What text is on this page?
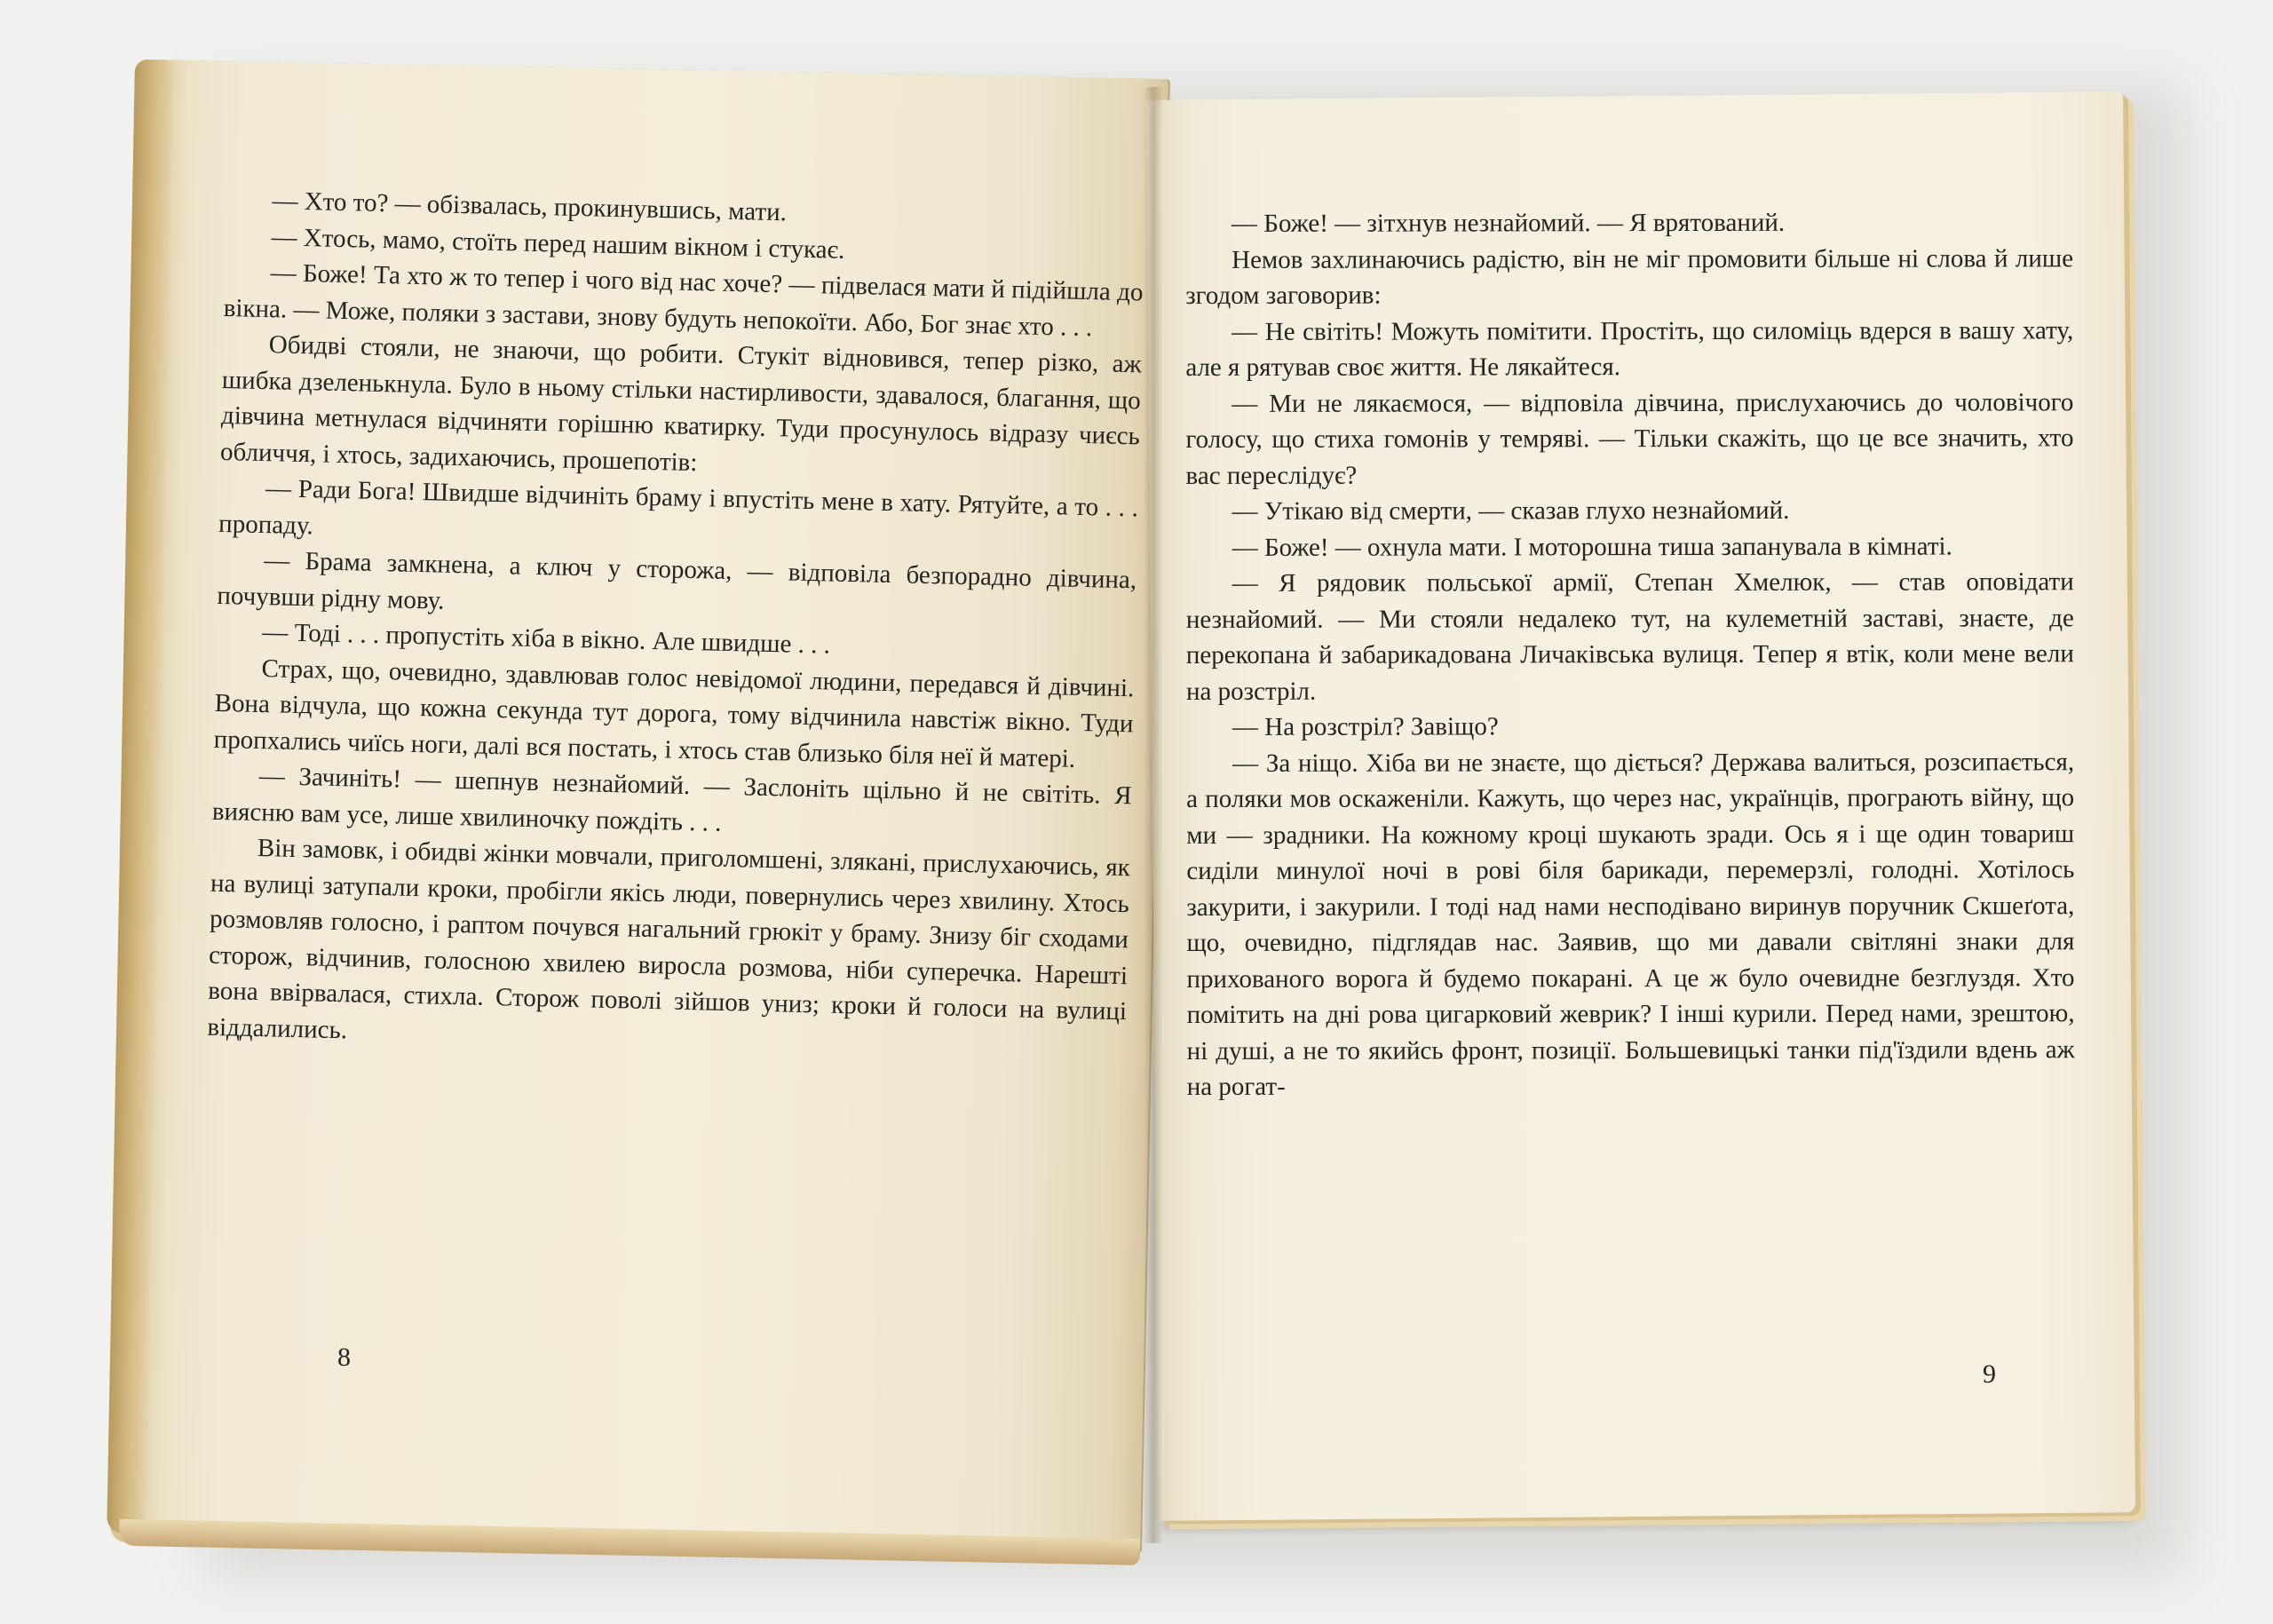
— Хто то? — обізвалась, прокинувшись, мати.

— Хтось, мамо, стоїть перед нашим вікном і стукає.

— Боже! Та хто ж то тепер і чого від нас хоче? — підвелася мати й підійшла до вікна. — Може, поляки з застави, знову будуть непокоїти. Або, Бог знає хто . . .

Обидві стояли, не знаючи, що робити. Стукіт відновився, тепер різко, аж шибка дзеленькнула. Було в ньому стільки настирливости, здавалося, благання, що дівчина метнулася відчиняти горішню кватирку. Туди просунулось відразу чиєсь обличчя, і хтось, задихаючись, прошепотів:

— Ради Бога! Швидше відчиніть браму і впустіть мене в хату. Рятуйте, а то . . . пропаду.

— Брама замкнена, а ключ у сторожа, — відповіла безпорадно дівчина, почувши рідну мову.

— Тоді . . . пропустіть хіба в вікно. Але швидше . . .

Страх, що, очевидно, здавлював голос невідомої людини, передався й дівчині. Вона відчула, що кожна секунда тут дорога, тому відчинила навстіж вікно. Туди пропхались чиїсь ноги, далі вся постать, і хтось став близько біля неї й матері.

— Зачиніть! — шепнув незнайомий. — Заслоніть щільно й не світіть. Я виясню вам усе, лише хвилиночку пождіть . . .

Він замовк, і обидві жінки мовчали, приголомшені, злякані, прислухаючись, як на вулиці затупали кроки, пробігли якісь люди, повернулись через хвилину. Хтось розмовляв голосно, і раптом почувся нагальний грюкіт у браму. Знизу біг сходами сторож, відчинив, голосною хвилею виросла розмова, ніби суперечка. Нарешті вона ввірвалася, стихла. Сторож поволі зійшов униз; кроки й голоси на вулиці віддалились.

8

— Боже! — зітхнув незнайомий. — Я врятований.

Немов захлинаючись радістю, він не міг промовити більше ні слова й лише згодом заговорив:

— Не світіть! Можуть помітити. Простіть, що силоміць вдерся в вашу хату, але я рятував своє життя. Не лякайтеся.

— Ми не лякаємося, — відповіла дівчина, прислухаючись до чоловічого голосу, що стиха гомонів у темряві. — Тільки скажіть, що це все значить, хто вас переслідує?

— Утікаю від смерти, — сказав глухо незнайомий.

— Боже! — охнула мати. І моторошна тиша запанувала в кімнаті.

— Я рядовик польської армії, Степан Хмелюк, — став оповідати незнайомий. — Ми стояли недалеко тут, на кулеметній заставі, знаєте, де перекопана й забарикадована Личаківська вулиця. Тепер я втік, коли мене вели на розстріл.

— На розстріл? Завіщо?

— За ніщо. Хіба ви не знаєте, що діється? Держава валиться, розсипається, а поляки мов оскаженіли. Кажуть, що через нас, українців, програють війну, що ми — зрадники. На кожному кроці шукають зради. Ось я і ще один товариш сиділи минулої ночі в рові біля барикади, перемерзлі, голодні. Хотілось закурити, і закурили. І тоді над нами несподівано виринув поручник Скшеґота, що, очевидно, підглядав нас. Заявив, що ми давали світляні знаки для прихованого ворога й будемо покарані. А це ж було очевидне безглуздя. Хто помітить на дні рова цигарковий жеврик? І інші курили. Перед нами, зрештою, ні душі, а не то якийсь фронт, позиції. Большевицькі танки під'їздили вдень аж на рогат-

9
